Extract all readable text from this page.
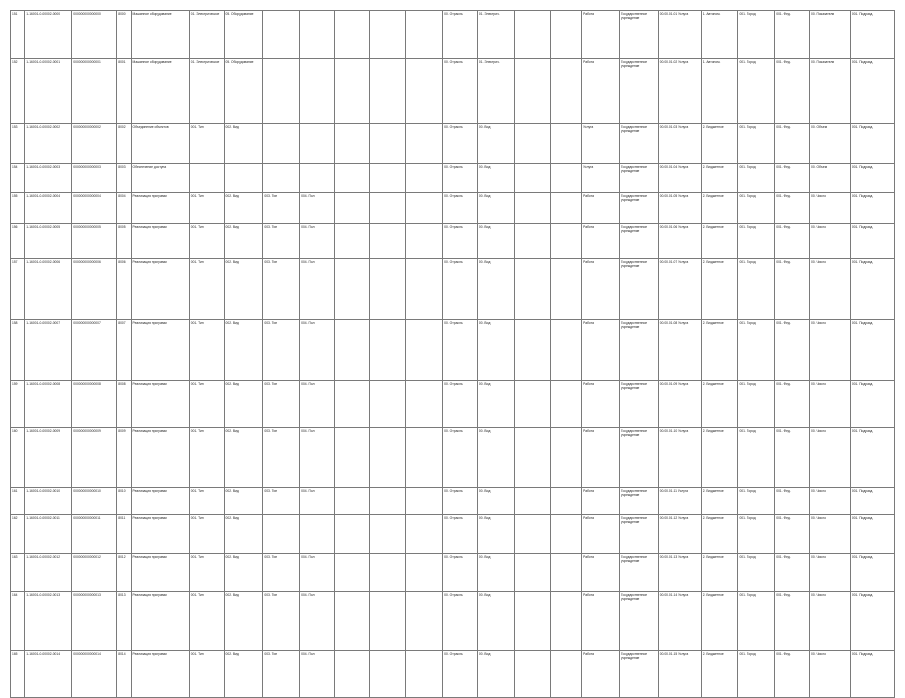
151	1-16001-0-00002-0000	000000000000000	8000	Машинное оборудование	01. Электрическое	05. Оборудование						00. Отрасль	01. Электрич.			Работа	Государственное учреждение	00.00.01.01 Услуга	1. Автоном.	001. Город	001. Фед.	00. Показатели	001. Подразд.
152	1-16001-0-00002-0001	000000000000001	8001	Машинное оборудование	01. Электрическое	05. Оборудование						00. Отрасль	01. Электрич.			Работа	Государственное учреждение	00.00.01.02 Услуга	1. Автоном.	001. Город	001. Фед.	00. Показатели	001. Подразд.
153	1-16001-0-00002-0002	000000000000002	8002	Объединение объектов	001. Тип	002. Вид						00. Отрасль	00. Вид			Услуга	Государственное учреждение	00.00.01.03 Услуга	2. Бюджетное	001. Город	001. Фед.	00. Объем	001. Подразд.
154	1-16001-0-00002-0003	000000000000003	8003	Обеспечение доступа								00. Отрасль	00. Вид			Услуга	Государственное учреждение	00.00.01.04 Услуга	2. Бюджетное	001. Город	001. Фед.	00. Объем	001. Подразд.
155	1-16001-0-00002-0004	000000000000004	8004	Реализация программ	001. Тип	002. Вид	003. Тип	004. Пол				00. Отрасль	00. Вид			Работа	Государственное учреждение	00.00.01.05 Услуга	2. Бюджетное	001. Город	001. Фед.	00. Число	001. Подразд.
156	1-16001-0-00002-0005	000000000000005	8005	Реализация программ	001. Тип	002. Вид	003. Тип	004. Пол				00. Отрасль	00. Вид			Работа	Государственное учреждение	00.00.01.06 Услуга	2. Бюджетное	001. Город	001. Фед.	00. Число	001. Подразд.
157	1-16001-0-00002-0006	000000000000006	8006	Реализация программ	001. Тип	002. Вид	003. Тип	004. Пол				00. Отрасль	00. Вид			Работа	Государственное учреждение	00.00.01.07 Услуга	2. Бюджетное	001. Город	001. Фед.	00. Число	001. Подразд.
158	1-16001-0-00002-0007	000000000000007	8007	Реализация программ	001. Тип	002. Вид	003. Тип	004. Пол				00. Отрасль	00. Вид			Работа	Государственное учреждение	00.00.01.08 Услуга	2. Бюджетное	001. Город	001. Фед.	00. Число	001. Подразд.
159	1-16001-0-00002-0008	000000000000008	8008	Реализация программ	001. Тип	002. Вид	003. Тип	004. Пол				00. Отрасль	00. Вид			Работа	Государственное учреждение	00.00.01.09 Услуга	2. Бюджетное	001. Город	001. Фед.	00. Число	001. Подразд.
160	1-16001-0-00002-0009	000000000000009	8009	Реализация программ	001. Тип	002. Вид	003. Тип	004. Пол				00. Отрасль	00. Вид			Работа	Государственное учреждение	00.00.01.10 Услуга	2. Бюджетное	001. Город	001. Фед.	00. Число	001. Подразд.
161	1-16001-0-00002-0010	000000000000010	8010	Реализация программ	001. Тип	002. Вид	003. Тип	004. Пол				00. Отрасль	00. Вид			Работа	Государственное учреждение	00.00.01.11 Услуга	2. Бюджетное	001. Город	001. Фед.	00. Число	001. Подразд.
162	1-16001-0-00002-0011	000000000000011	8011	Реализация программ	001. Тип	002. Вид						00. Отрасль	00. Вид			Работа	Государственное учреждение	00.00.01.12 Услуга	2. Бюджетное	001. Город	001. Фед.	00. Число	001. Подразд.
163	1-16001-0-00002-0012	000000000000012	8012	Реализация программ	001. Тип	002. Вид	003. Тип	004. Пол				00. Отрасль	00. Вид			Работа	Государственное учреждение	00.00.01.13 Услуга	2. Бюджетное	001. Город	001. Фед.	00. Число	001. Подразд.
164	1-16001-0-00002-0013	000000000000013	8013	Реализация программ	001. Тип	002. Вид	003. Тип	004. Пол				00. Отрасль	00. Вид			Работа	Государственное учреждение	00.00.01.14 Услуга	2. Бюджетное	001. Город	001. Фед.	00. Число	001. Подразд.
165	1-16001-0-00002-0014	000000000000014	8014	Реализация программ	001. Тип	002. Вид	003. Тип	004. Пол				00. Отрасль	00. Вид			Работа	Государственное учреждение	00.00.01.15 Услуга	2. Бюджетное	001. Город	001. Фед.	00. Число	001. Подразд.
